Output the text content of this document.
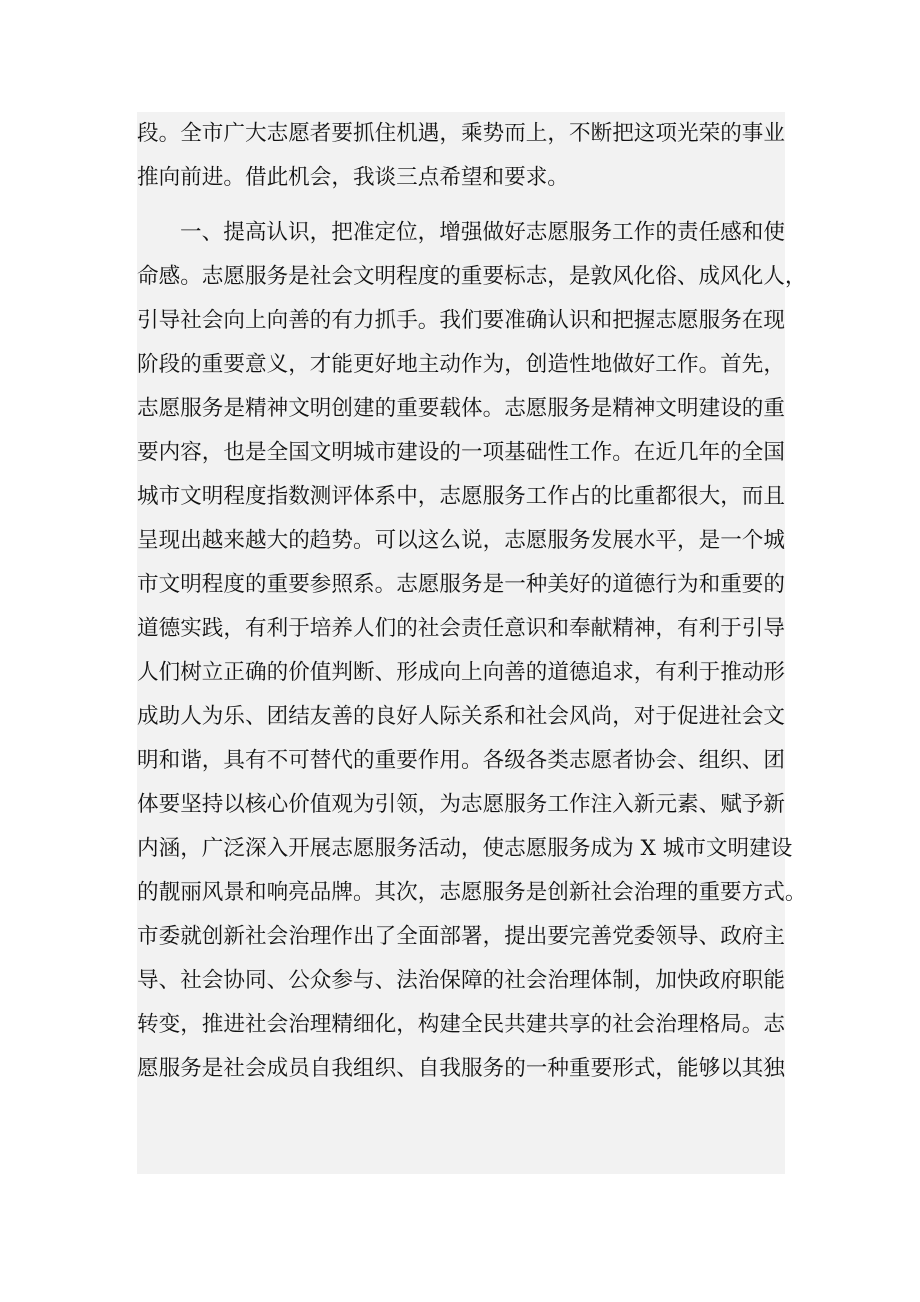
段。全市广大志愿者要抓住机遇，乘势而上，不断把这项光荣的事业
推向前进。借此机会，我谈三点希望和要求。
一、提高认识，把准定位，增强做好志愿服务工作的责任感和使
命感。志愿服务是社会文明程度的重要标志，是敦风化俗、成风化人，
引导社会向上向善的有力抓手。我们要准确认识和把握志愿服务在现
阶段的重要意义，才能更好地主动作为，创造性地做好工作。首先，
志愿服务是精神文明创建的重要载体。志愿服务是精神文明建设的重
要内容，也是全国文明城市建设的一项基础性工作。在近几年的全国
城市文明程度指数测评体系中，志愿服务工作占的比重都很大，而且
呈现出越来越大的趋势。可以这么说，志愿服务发展水平，是一个城
市文明程度的重要参照系。志愿服务是一种美好的道德行为和重要的
道德实践，有利于培养人们的社会责任意识和奉献精神，有利于引导
人们树立正确的价值判断、形成向上向善的道德追求，有利于推动形
成助人为乐、团结友善的良好人际关系和社会风尚，对于促进社会文
明和谐，具有不可替代的重要作用。各级各类志愿者协会、组织、团
体要坚持以核心价值观为引领，为志愿服务工作注入新元素、赋予新
内涵，广泛深入开展志愿服务活动，使志愿服务成为 X 城市文明建设
的靓丽风景和响亮品牌。其次，志愿服务是创新社会治理的重要方式。
市委就创新社会治理作出了全面部署，提出要完善党委领导、政府主
导、社会协同、公众参与、法治保障的社会治理体制，加快政府职能
转变，推进社会治理精细化，构建全民共建共享的社会治理格局。志
愿服务是社会成员自我组织、自我服务的一种重要形式，能够以其独
